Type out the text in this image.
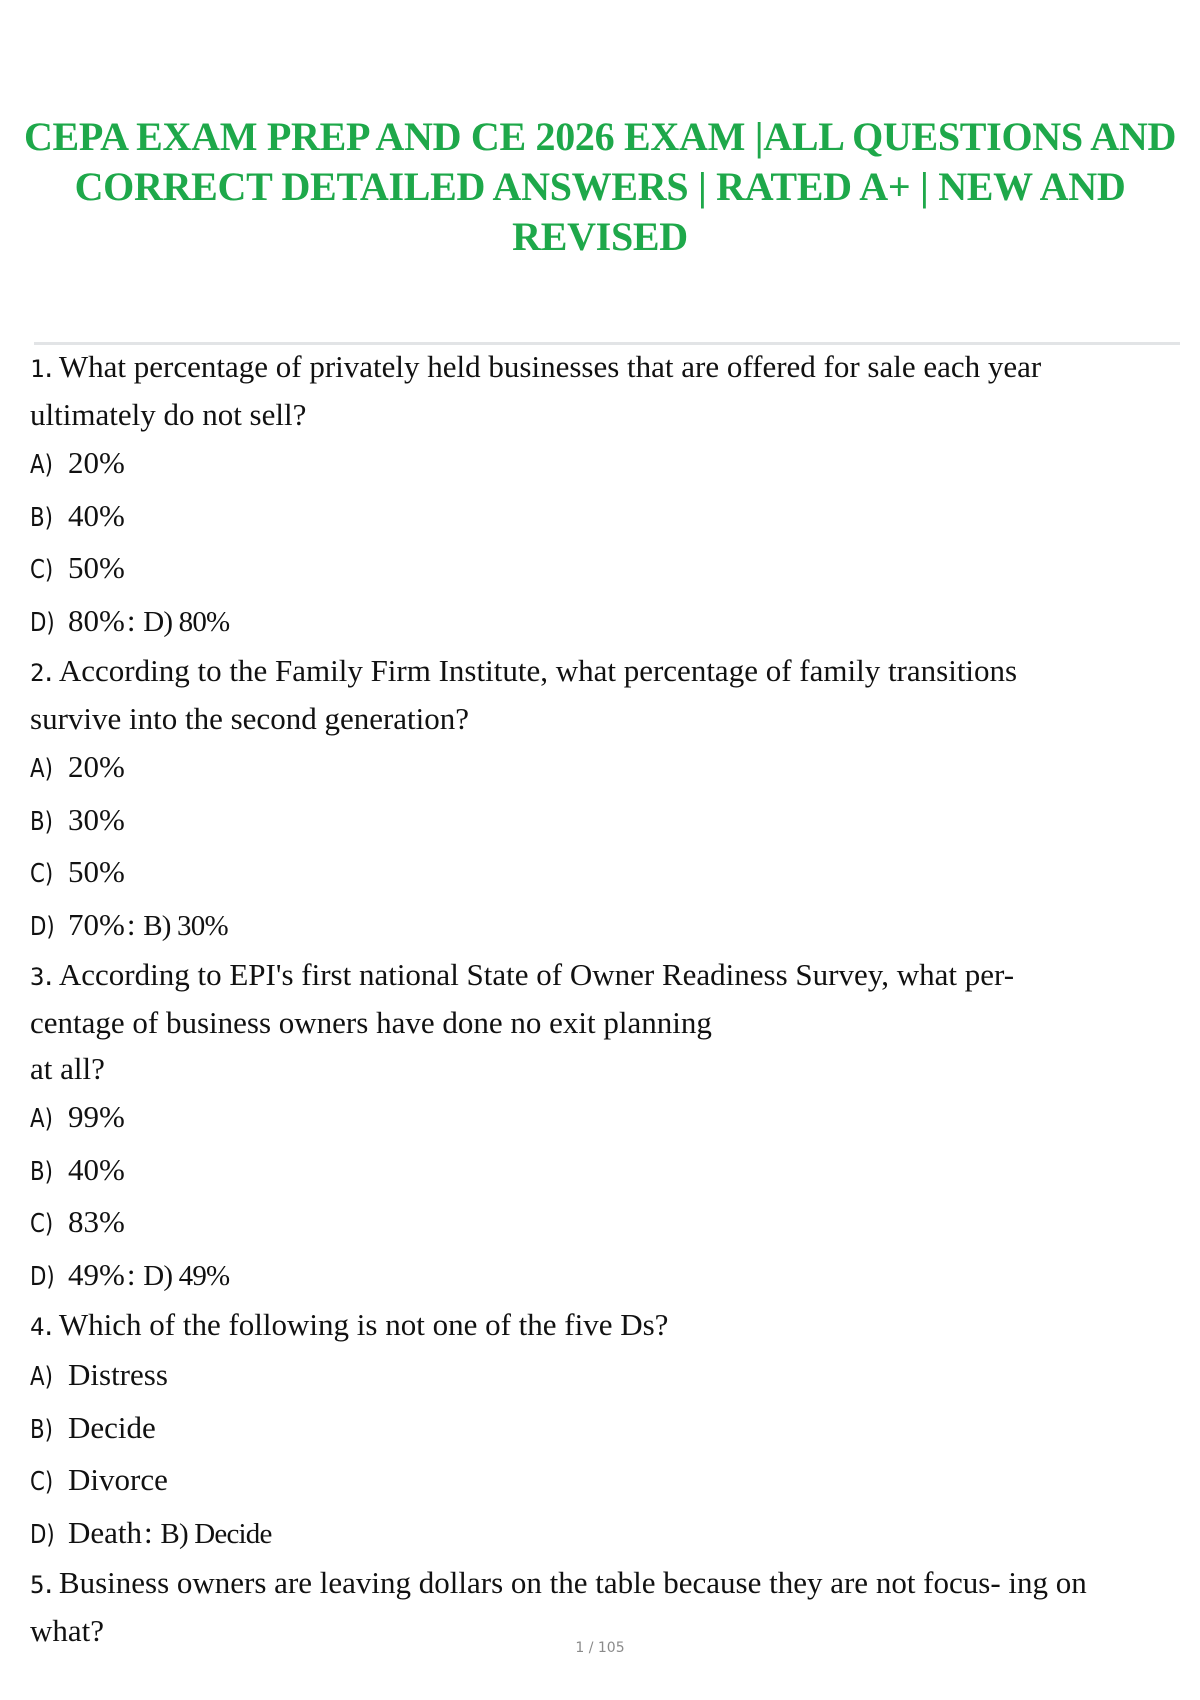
CEPA EXAM PREP AND CE 2026 EXAM |ALL QUESTIONS AND
CORRECT DETAILED ANSWERS | RATED A+ | NEW AND
REVISED
1. What percentage of privately held businesses that are offered for sale each year
ultimately do not sell?
A) 20%
B) 40%
C) 50%
D) 80%: D) 80%
2. According to the Family Firm Institute, what percentage of family transitions
survive into the second generation?
A) 20%
B) 30%
C) 50%
D) 70%: B) 30%
3. According to EPI's first national State of Owner Readiness Survey, what per-
centage of business owners have done no exit planning
at all?
A) 99%
B) 40%
C) 83%
D) 49%: D) 49%
4. Which of the following is not one of the five Ds?
A) Distress
B) Decide
C) Divorce
D) Death: B) Decide
5. Business owners are leaving dollars on the table because they are not focus- ing on
what?	1 / 105
